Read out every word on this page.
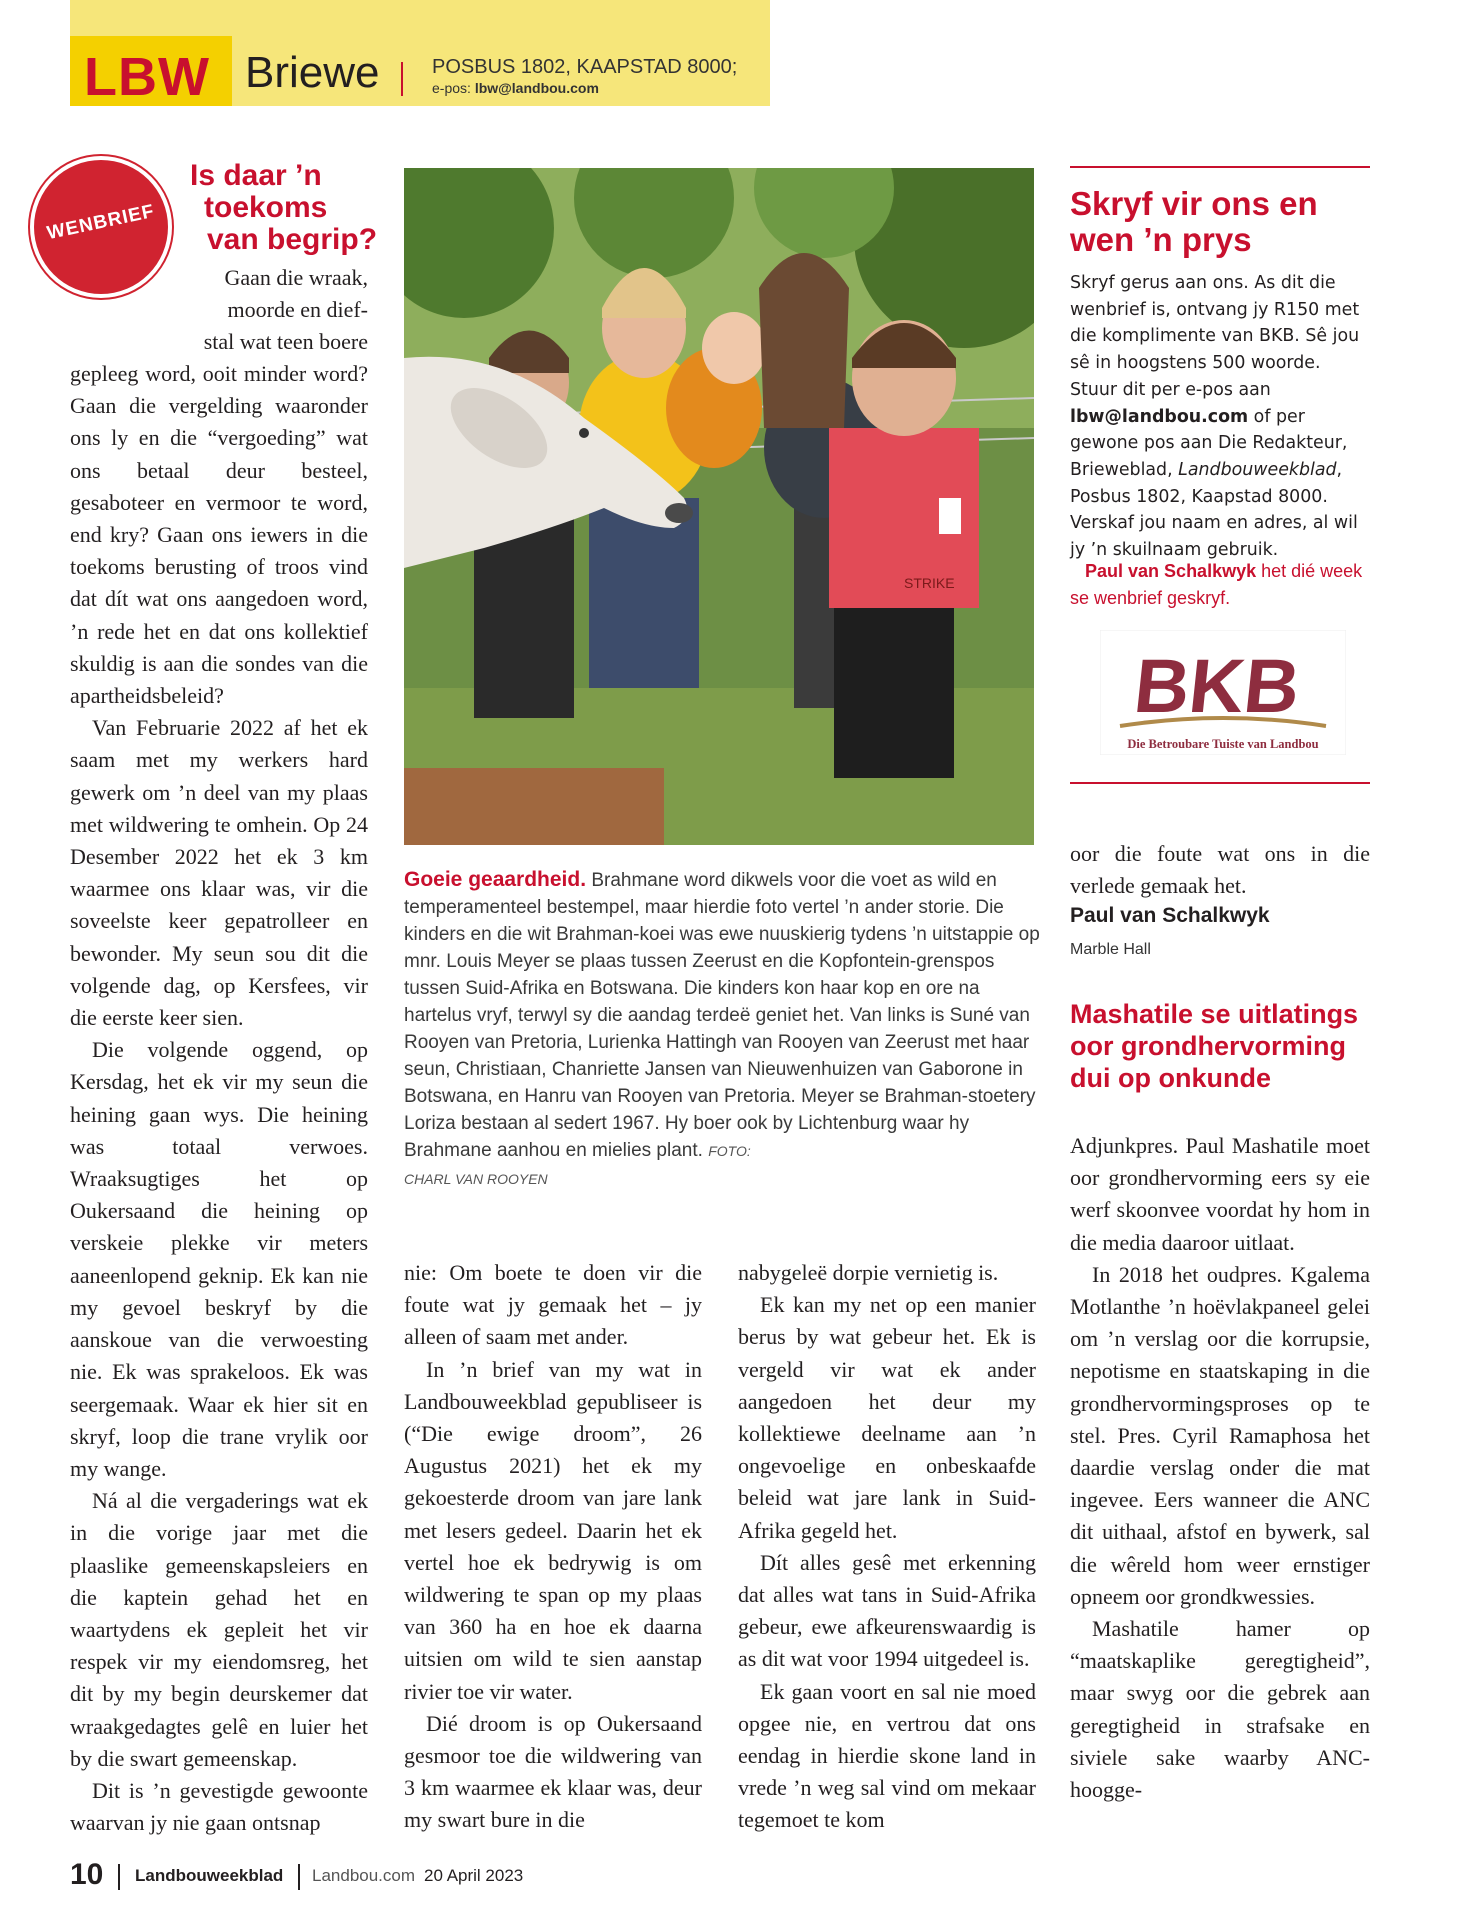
LBW Briewe	POSBUS 1802, KAAPSTAD 8000;
e-pos: lbw@landbou.com
WENBRIEF
Is daar ’n
toekoms
van begrip?
Gaan die wraak,
moorde en dief-
stal wat teen boere

gepleeg word, ooit minder word? Gaan die vergelding waaronder ons ly en die “vergoeding” wat ons betaal deur besteel, gesaboteer en vermoor te word, end kry? Gaan ons iewers in die toekoms berusting of troos vind dat dít wat ons aangedoen word, ’n rede het en dat ons kollektief skuldig is aan die sondes van die apartheidsbeleid?

Van Februarie 2022 af het ek saam met my werkers hard gewerk om ’n deel van my plaas met wildwering te omhein. Op 24 Desember 2022 het ek 3 km waarmee ons klaar was, vir die soveelste keer gepatrolleer en bewonder. My seun sou dit die volgende dag, op Kersfees, vir die eerste keer sien.

Die volgende oggend, op Kersdag, het ek vir my seun die heining gaan wys. Die heining was totaal verwoes. Wraaksugtiges het op Oukersaand die heining op verskeie plekke vir meters aaneenlopend geknip. Ek kan nie my gevoel beskryf by die aanskoue van die verwoesting nie. Ek was sprakeloos. Ek was seergemaak. Waar ek hier sit en skryf, loop die trane vrylik oor my wange.

Ná al die vergaderings wat ek in die vorige jaar met die plaaslike gemeenskapsleiers en die kaptein gehad het en waartydens ek gepleit het vir respek vir my eiendomsreg, het dit by my begin deurskemer dat wraakgedagtes gelê en luier het by die swart gemeenskap.

Dit is ’n gevestigde gewoonte waarvan jy nie gaan ontsnap

STRIKE
Goeie geaardheid. Brahmane word dikwels voor die voet as wild en temperamenteel bestempel, maar hierdie foto vertel ’n ander storie. Die kinders en die wit Brahman-koei was ewe nuuskierig tydens ’n uitstappie op mnr. Louis Meyer se plaas tussen Zeerust en die Kopfontein-grenspos tussen Suid-Afrika en Botswana. Die kinders kon haar kop en ore na hartelus vryf, terwyl sy die aandag terdeë geniet het. Van links is Suné van Rooyen van Pretoria, Lurienka Hattingh van Rooyen van Zeerust met haar seun, Christiaan, Chanriette Jansen van Nieuwenhuizen van Gaborone in Botswana, en Hanru van Rooyen van Pretoria. Meyer se Brahman-stoetery Loriza bestaan al sedert 1967. Hy boer ook by Lichtenburg waar hy Brahmane aanhou en mielies plant. FOTO:
CHARL VAN ROOYEN

nie: Om boete te doen vir die foute wat jy gemaak het – jy alleen of saam met ander.

In ’n brief van my wat in Landbouweekblad gepubliseer is (“Die ewige droom”, 26 Augustus 2021) het ek my gekoesterde droom van jare lank met lesers gedeel. Daarin het ek vertel hoe ek bedrywig is om wildwering te span op my plaas van 360 ha en hoe ek daarna uitsien om wild te sien aanstap rivier toe vir water.

Dié droom is op Oukersaand gesmoor toe die wildwering van 3 km waarmee ek klaar was, deur my swart bure in die

nabygeleë dorpie vernietig is.

Ek kan my net op een manier berus by wat gebeur het. Ek is vergeld vir wat ek ander aangedoen het deur my kollektiewe deelname aan ’n ongevoelige en onbeskaafde beleid wat jare lank in Suid-Afrika gegeld het.

Dít alles gesê met erkenning dat alles wat tans in Suid-Afrika gebeur, ewe afkeurenswaardig is as dit wat voor 1994 uitgedeel is.

Ek gaan voort en sal nie moed opgee nie, en vertrou dat ons eendag in hierdie skone land in vrede ’n weg sal vind om mekaar tegemoet te kom

Skryf vir ons en wen ’n prys
Skryf gerus aan ons. As dit die wenbrief is, ontvang jy R150 met die komplimente van BKB. Sê jou sê in hoogstens 500 woorde. Stuur dit per e-pos aan lbw@landbou.com of per gewone pos aan Die Redakteur, Brieweblad, Landbouweekblad, Posbus 1802, Kaapstad 8000. Verskaf jou naam en adres, al wil jy ’n skuilnaam gebruik.
Paul van Schalkwyk het dié week se wenbrief geskryf.
BKB
Die Betroubare Tuiste van Landbou

oor die foute wat ons in die verlede gemaak het.

Paul van Schalkwyk
Marble Hall
Mashatile se uitlatings oor grondhervorming dui op onkunde

Adjunkpres. Paul Mashatile moet oor grondhervorming eers sy eie werf skoonvee voordat hy hom in die media daaroor uitlaat.

In 2018 het oudpres. Kgalema Motlanthe ’n hoëvlakpaneel gelei om ’n verslag oor die korrupsie, nepotisme en staatskaping in die grondhervormingsproses op te stel. Pres. Cyril Ramaphosa het daardie verslag onder die mat ingevee. Eers wanneer die ANC dit uithaal, afstof en bywerk, sal die wêreld hom weer ernstiger opneem oor grondkwessies.

Mashatile hamer op “maatskaplike geregtigheid”, maar swyg oor die gebrek aan geregtigheid in strafsake en siviele sake waarby ANC-hoogge-

10 Landbouweekblad Landbou.com 20 April 2023
